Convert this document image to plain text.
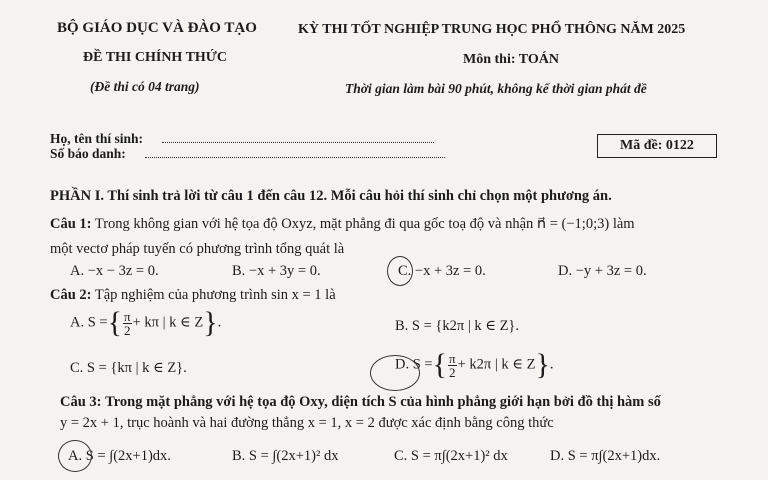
BỘ GIÁO DỤC VÀ ĐÀO TẠO	KỲ THI TỐT NGHIỆP TRUNG HỌC PHỔ THÔNG NĂM 2025
ĐỀ THI CHÍNH THỨC	Môn thi: TOÁN
(Đề thi có 04 trang)	Thời gian làm bài 90 phút, không kể thời gian phát đề
Họ, tên thí sinh:
Số báo danh:
Mã đề: 0122
PHẦN I. Thí sinh trả lời từ câu 1 đến câu 12. Mỗi câu hỏi thí sinh chỉ chọn một phương án.
Câu 1: Trong không gian với hệ tọa độ Oxyz, mặt phẳng đi qua gốc toạ độ và nhận n⃗ = (−1;0;3) làm
một vectơ pháp tuyến có phương trình tổng quát là
A. −x − 3z = 0.	B. −x + 3y = 0.	C. −x + 3z = 0.	D. −y + 3z = 0.
Câu 2: Tập nghiệm của phương trình sin x = 1 là
A. S ={ $\frac{\pi}{2} + k\pi$ | k ∈ Z}.	B. S = {k2π | k ∈ Z}.
C. S = {kπ | k ∈ Z}.	D. S ={ $\frac{\pi}{2} + k2\pi$ | k ∈ Z}.
Câu 3: Trong mặt phẳng với hệ tọa độ Oxy, diện tích S của hình phẳng giới hạn bởi đồ thị hàm số
y = 2x + 1, trục hoành và hai đường thẳng x = 1, x = 2 được xác định bằng công thức
A. S = ∫(2x+1)dx.	B. S = ∫(2x+1)² dx	C. S = π∫(2x+1)² dx	D. S = π∫(2x+1)dx.
